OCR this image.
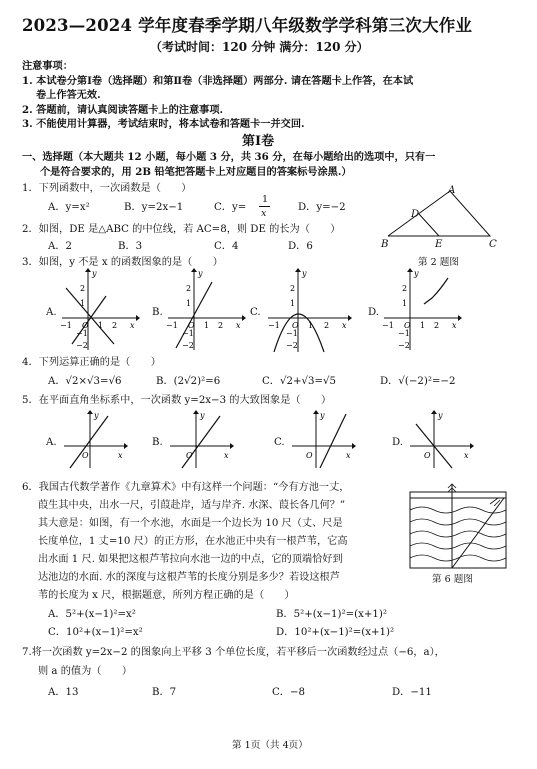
2023—2024 学年度春季学期八年级数学学科第三次大作业
（考试时间：120 分钟 满分：120 分）
注意事项：
1. 本试卷分第Ⅰ卷（选择题）和第Ⅱ卷（非选择题）两部分. 请在答题卡上作答，在本试
卷上作答无效.
2. 答题前，请认真阅读答题卡上的注意事项.
3. 不能使用计算器，考试结束时，将本试卷和答题卡一并交回.
第Ⅰ卷
一、选择题（本大题共 12 小题，每小题 3 分，共 36 分，在每小题给出的选项中，只有一
个是符合要求的，用 2B 铅笔把答题卡上对应题目的答案标号涂黑.）
1．下列函数中，一次函数是（　　）
A．y=x²	B．y=2x−1	C．y=
1
x
D．y=−2
A
D
B	E	C
2．如图，DE 是△ABC 的中位线，若 AC=8，则 DE 的长为（　　）
A．2	B．3	C．4	D．6
3．如图，y 不是 x 的函数图象的是（　　）	第 2 题图
A.	B.	C.	D.
−1 O 1 2 x
y
2
1
−1
−2
−1 O 1 2 x
y
2
1
−1
−2
−1 O 1 2 x
y
2
1
−1
−2
−1 O 1 2 x
y
2
1
−1
−2
4．下列运算正确的是（　　）
A．√2×√3=√6	B．(2√2)²=6	C．√2+√3=√5	D．√(−2)²=−2
5．在平面直角坐标系中，一次函数 y=2x−3 的大致图象是（　　）
A.	B.	C.	D.
y
O	x
y
O	x
y
O	x
y
O	x
6．我国古代数学著作《九章算术》中有这样一个问题：“今有方池一丈，
葭生其中央，出水一尺，引葭赴岸，适与岸齐. 水深、葭长各几何？”
其大意是：如图，有一个水池，水面是一个边长为 10 尺（丈、尺是
长度单位，1 丈=10 尺）的正方形，在水池正中央有一根芦苇，它高
出水面 1 尺. 如果把这根芦苇拉向水池一边的中点，它的顶端恰好到
达池边的水面. 水的深度与这根芦苇的长度分别是多少？若设这根芦
苇的长度为 x 尺，根据题意，所列方程正确的是（　　）
第 6 题图
A．5²+(x−1)²=x²	B．5²+(x−1)²=(x+1)²
C．10²+(x−1)²=x²	D．10²+(x−1)²=(x+1)²
7.将一次函数 y=2x−2 的图象向上平移 3 个单位长度，若平移后一次函数经过点（−6，a），
则 a 的值为（　　）
A．13	B．7	C．−8	D．−11
第 1页（共 4页）
